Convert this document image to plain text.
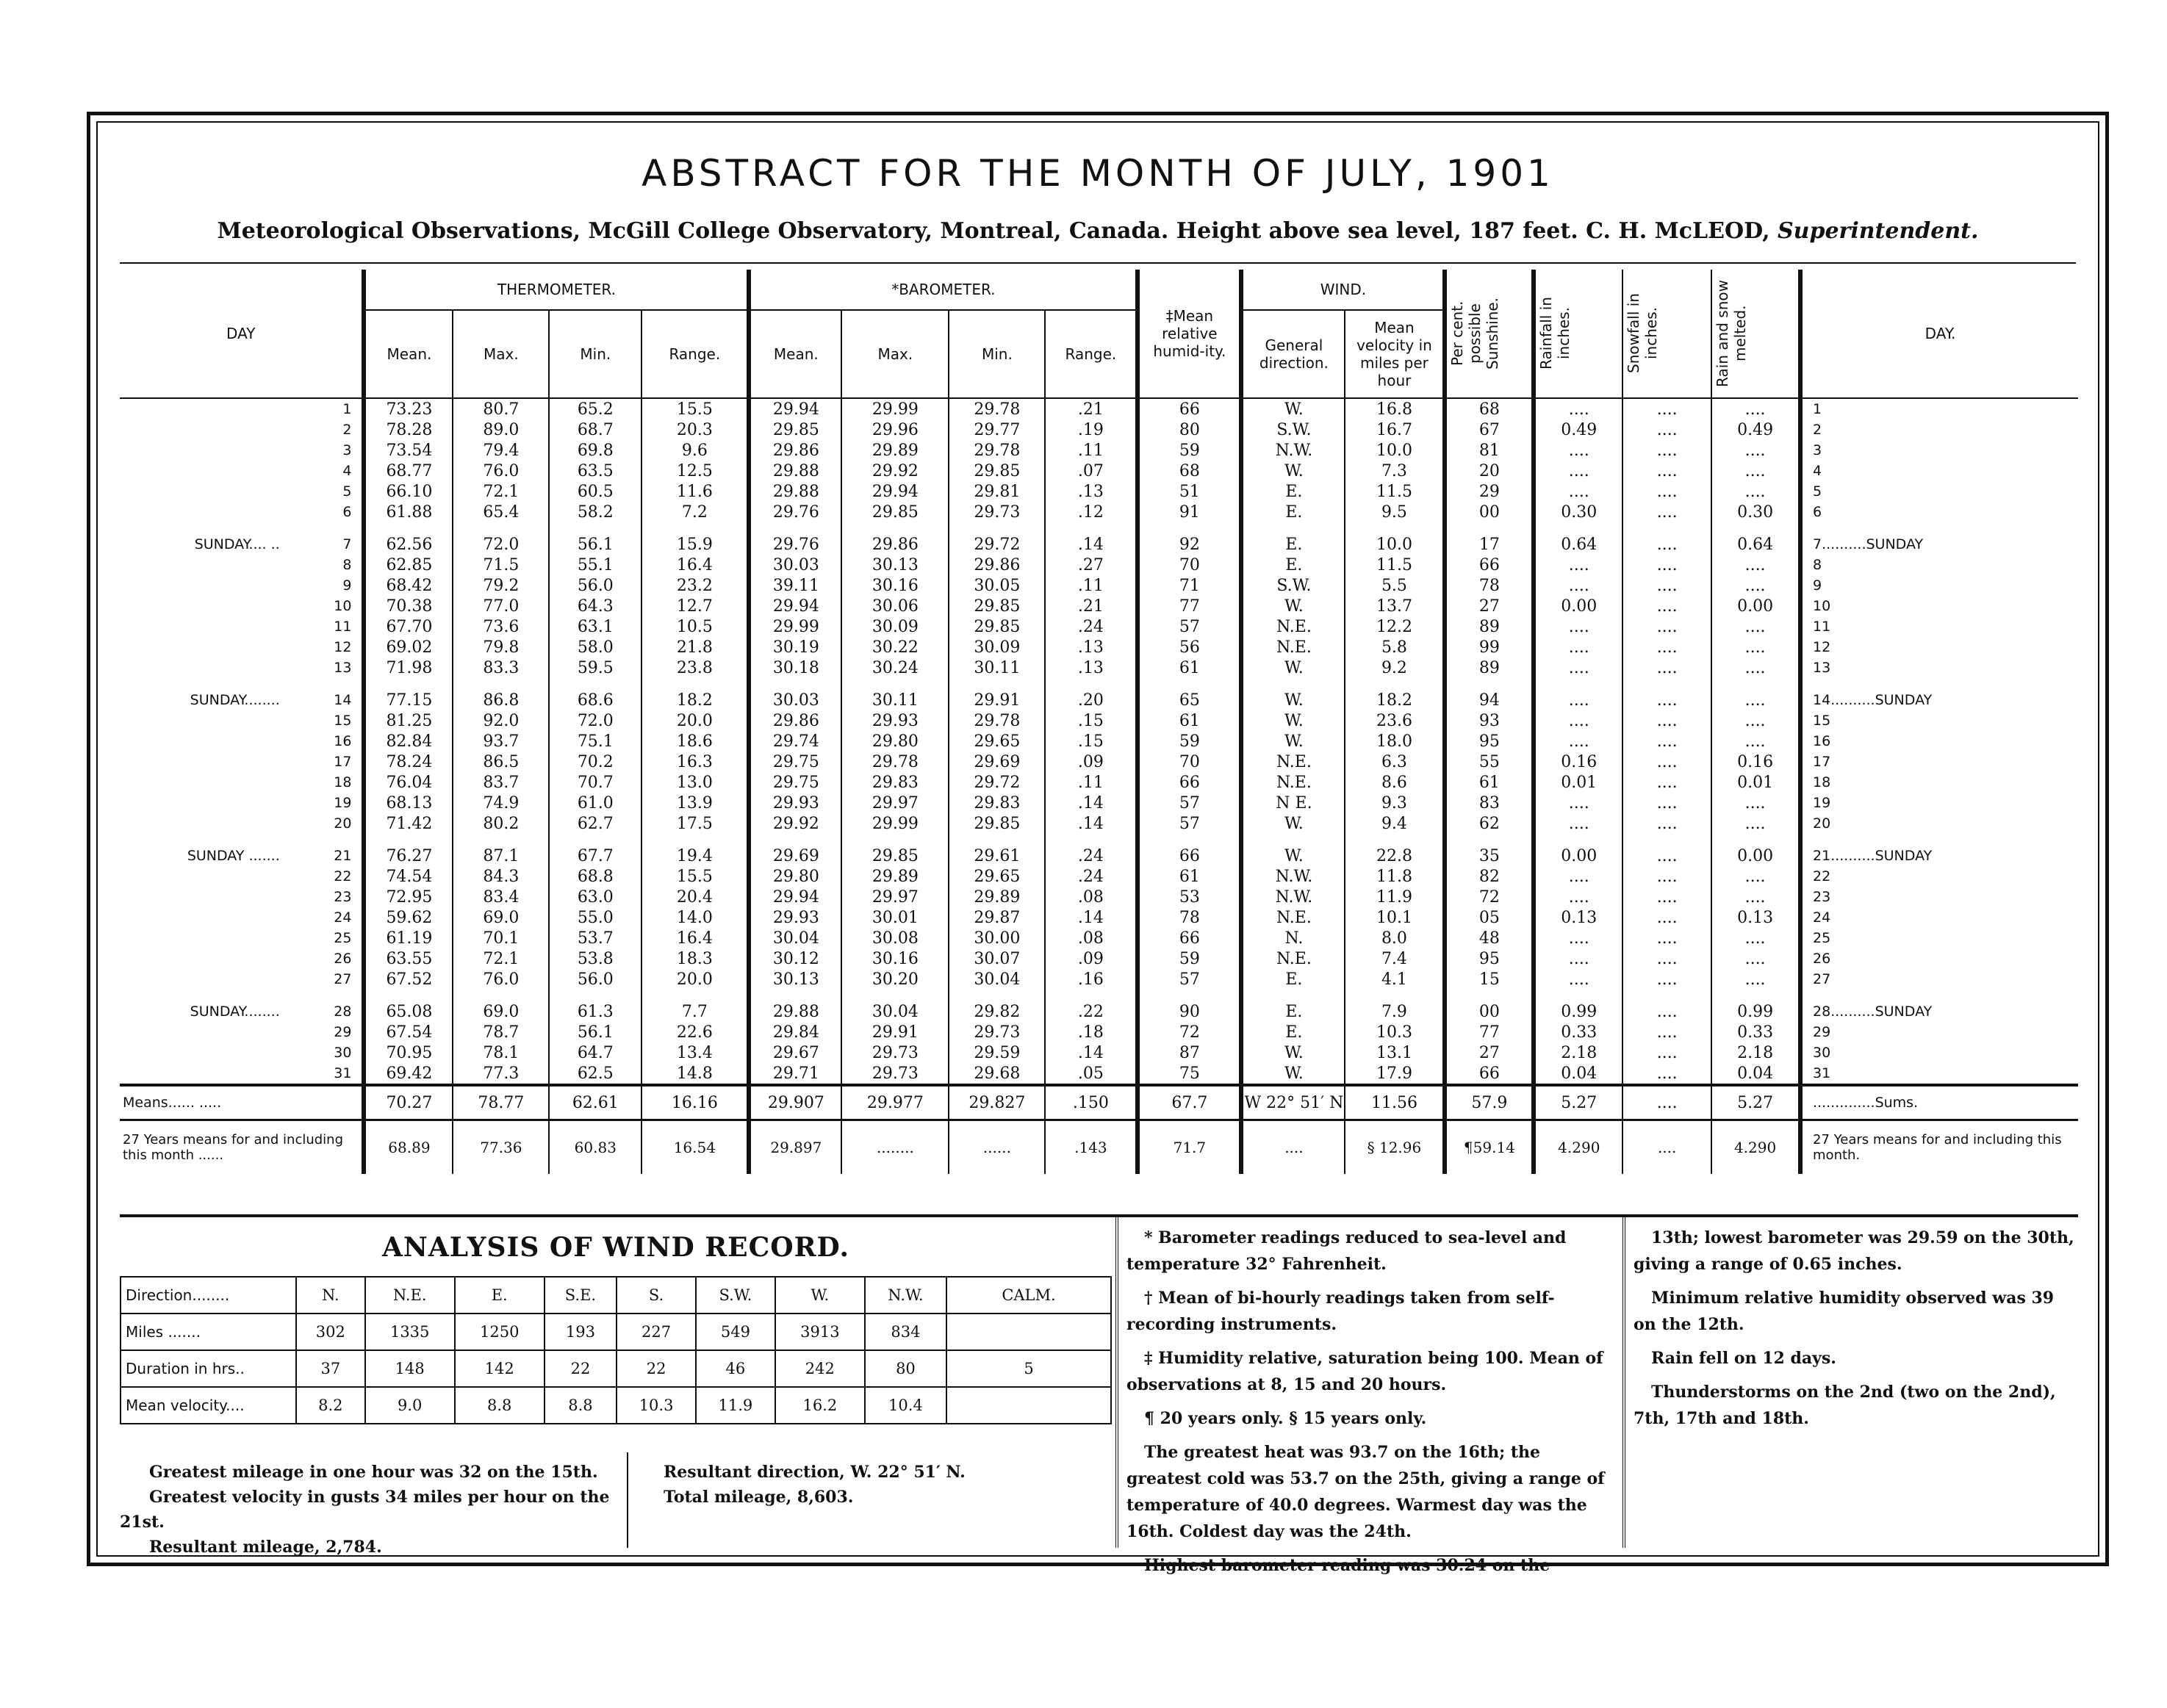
ABSTRACT FOR THE MONTH OF JULY, 1901
Meteorological Observations, McGill College Observatory, Montreal, Canada. Height above sea level, 187 feet. C. H. McLEOD, Superintendent.
DAY		THERMOMETER.				*BAROMETER.				‡Mean relative humid-ity.	WIND.		Per cent. possible Sunshine.	Rainfall in inches.	Snowfall in inches.	Rain and snow melted.	DAY.
		Mean.	Max.	Min.	Range.	Mean.	Max.	Min.	Range.		General direction.	Mean velocity in miles per hour					
	1	73.23	80.7	65.2	15.5	29.94	29.99	29.78	.21	66	W.	16.8	68	....	....	....	1
	2	78.28	89.0	68.7	20.3	29.85	29.96	29.77	.19	80	S.W.	16.7	67	0.49	....	0.49	2
	3	73.54	79.4	69.8	9.6	29.86	29.89	29.78	.11	59	N.W.	10.0	81	....	....	....	3
	4	68.77	76.0	63.5	12.5	29.88	29.92	29.85	.07	68	W.	7.3	20	....	....	....	4
	5	66.10	72.1	60.5	11.6	29.88	29.94	29.81	.13	51	E.	11.5	29	....	....	....	5
	6	61.88	65.4	58.2	7.2	29.76	29.85	29.73	.12	91	E.	9.5	00	0.30	....	0.30	6

SUNDAY.... ..	7	62.56	72.0	56.1	15.9	29.76	29.86	29.72	.14	92	E.	10.0	17	0.64	....	0.64	7..........SUNDAY
	8	62.85	71.5	55.1	16.4	30.03	30.13	29.86	.27	70	E.	11.5	66	....	....	....	8
	9	68.42	79.2	56.0	23.2	39.11	30.16	30.05	.11	71	S.W.	5.5	78	....	....	....	9
	10	70.38	77.0	64.3	12.7	29.94	30.06	29.85	.21	77	W.	13.7	27	0.00	....	0.00	10
	11	67.70	73.6	63.1	10.5	29.99	30.09	29.85	.24	57	N.E.	12.2	89	....	....	....	11
	12	69.02	79.8	58.0	21.8	30.19	30.22	30.09	.13	56	N.E.	5.8	99	....	....	....	12
	13	71.98	83.3	59.5	23.8	30.18	30.24	30.11	.13	61	W.	9.2	89	....	....	....	13

SUNDAY........	14	77.15	86.8	68.6	18.2	30.03	30.11	29.91	.20	65	W.	18.2	94	....	....	....	14..........SUNDAY
	15	81.25	92.0	72.0	20.0	29.86	29.93	29.78	.15	61	W.	23.6	93	....	....	....	15
	16	82.84	93.7	75.1	18.6	29.74	29.80	29.65	.15	59	W.	18.0	95	....	....	....	16
	17	78.24	86.5	70.2	16.3	29.75	29.78	29.69	.09	70	N.E.	6.3	55	0.16	....	0.16	17
	18	76.04	83.7	70.7	13.0	29.75	29.83	29.72	.11	66	N.E.	8.6	61	0.01	....	0.01	18
	19	68.13	74.9	61.0	13.9	29.93	29.97	29.83	.14	57	N E.	9.3	83	....	....	....	19
	20	71.42	80.2	62.7	17.5	29.92	29.99	29.85	.14	57	W.	9.4	62	....	....	....	20

SUNDAY .......	21	76.27	87.1	67.7	19.4	29.69	29.85	29.61	.24	66	W.	22.8	35	0.00	....	0.00	21..........SUNDAY
	22	74.54	84.3	68.8	15.5	29.80	29.89	29.65	.24	61	N.W.	11.8	82	....	....	....	22
	23	72.95	83.4	63.0	20.4	29.94	29.97	29.89	.08	53	N.W.	11.9	72	....	....	....	23
	24	59.62	69.0	55.0	14.0	29.93	30.01	29.87	.14	78	N.E.	10.1	05	0.13	....	0.13	24
	25	61.19	70.1	53.7	16.4	30.04	30.08	30.00	.08	66	N.	8.0	48	....	....	....	25
	26	63.55	72.1	53.8	18.3	30.12	30.16	30.07	.09	59	N.E.	7.4	95	....	....	....	26
	27	67.52	76.0	56.0	20.0	30.13	30.20	30.04	.16	57	E.	4.1	15	....	....	....	27

SUNDAY........	28	65.08	69.0	61.3	7.7	29.88	30.04	29.82	.22	90	E.	7.9	00	0.99	....	0.99	28..........SUNDAY
	29	67.54	78.7	56.1	22.6	29.84	29.91	29.73	.18	72	E.	10.3	77	0.33	....	0.33	29
	30	70.95	78.1	64.7	13.4	29.67	29.73	29.59	.14	87	W.	13.1	27	2.18	....	2.18	30
	31	69.42	77.3	62.5	14.8	29.71	29.73	29.68	.05	75	W.	17.9	66	0.04	....	0.04	31
Means...... .....		70.27	78.77	62.61	16.16	29.907	29.977	29.827	.150	67.7	W 22° 51′ N	11.56	57.9	5.27	....	5.27	..............Sums.
27 Years means for and including this month ......		68.89	77.36	60.83	16.54	29.897	........	......	.143	71.7	....	§ 12.96	¶59.14	4.290	....	4.290	27 Years means for and including this month.
ANALYSIS OF WIND RECORD.
Direction........	N.	N.E.	E.	S.E.	S.	S.W.	W.	N.W.	CALM.
Miles .......	302	1335	1250	193	227	549	3913	834	
Duration in hrs..	37	148	142	22	22	46	242	80	5
Mean velocity....	8.2	9.0	8.8	8.8	10.3	11.9	16.2	10.4	
Greatest mileage in one hour was 32 on the 15th.
Greatest velocity in gusts 34 miles per hour on the 21st.
Resultant mileage, 2,784.
Resultant direction, W. 22° 51′ N.
Total mileage, 8,603.

* Barometer readings reduced to sea-level and temperature 32° Fahrenheit.

† Mean of bi-hourly readings taken from self-recording instruments.

‡ Humidity relative, saturation being 100. Mean of observations at 8, 15 and 20 hours.

¶ 20 years only. § 15 years only.

The greatest heat was 93.7 on the 16th; the greatest cold was 53.7 on the 25th, giving a range of temperature of 40.0 degrees. Warmest day was the 16th. Coldest day was the 24th.

Highest barometer reading was 30.24 on the

13th; lowest barometer was 29.59 on the 30th, giving a range of 0.65 inches.

Minimum relative humidity observed was 39 on the 12th.

Rain fell on 12 days.

Thunderstorms on the 2nd (two on the 2nd), 7th, 17th and 18th.
